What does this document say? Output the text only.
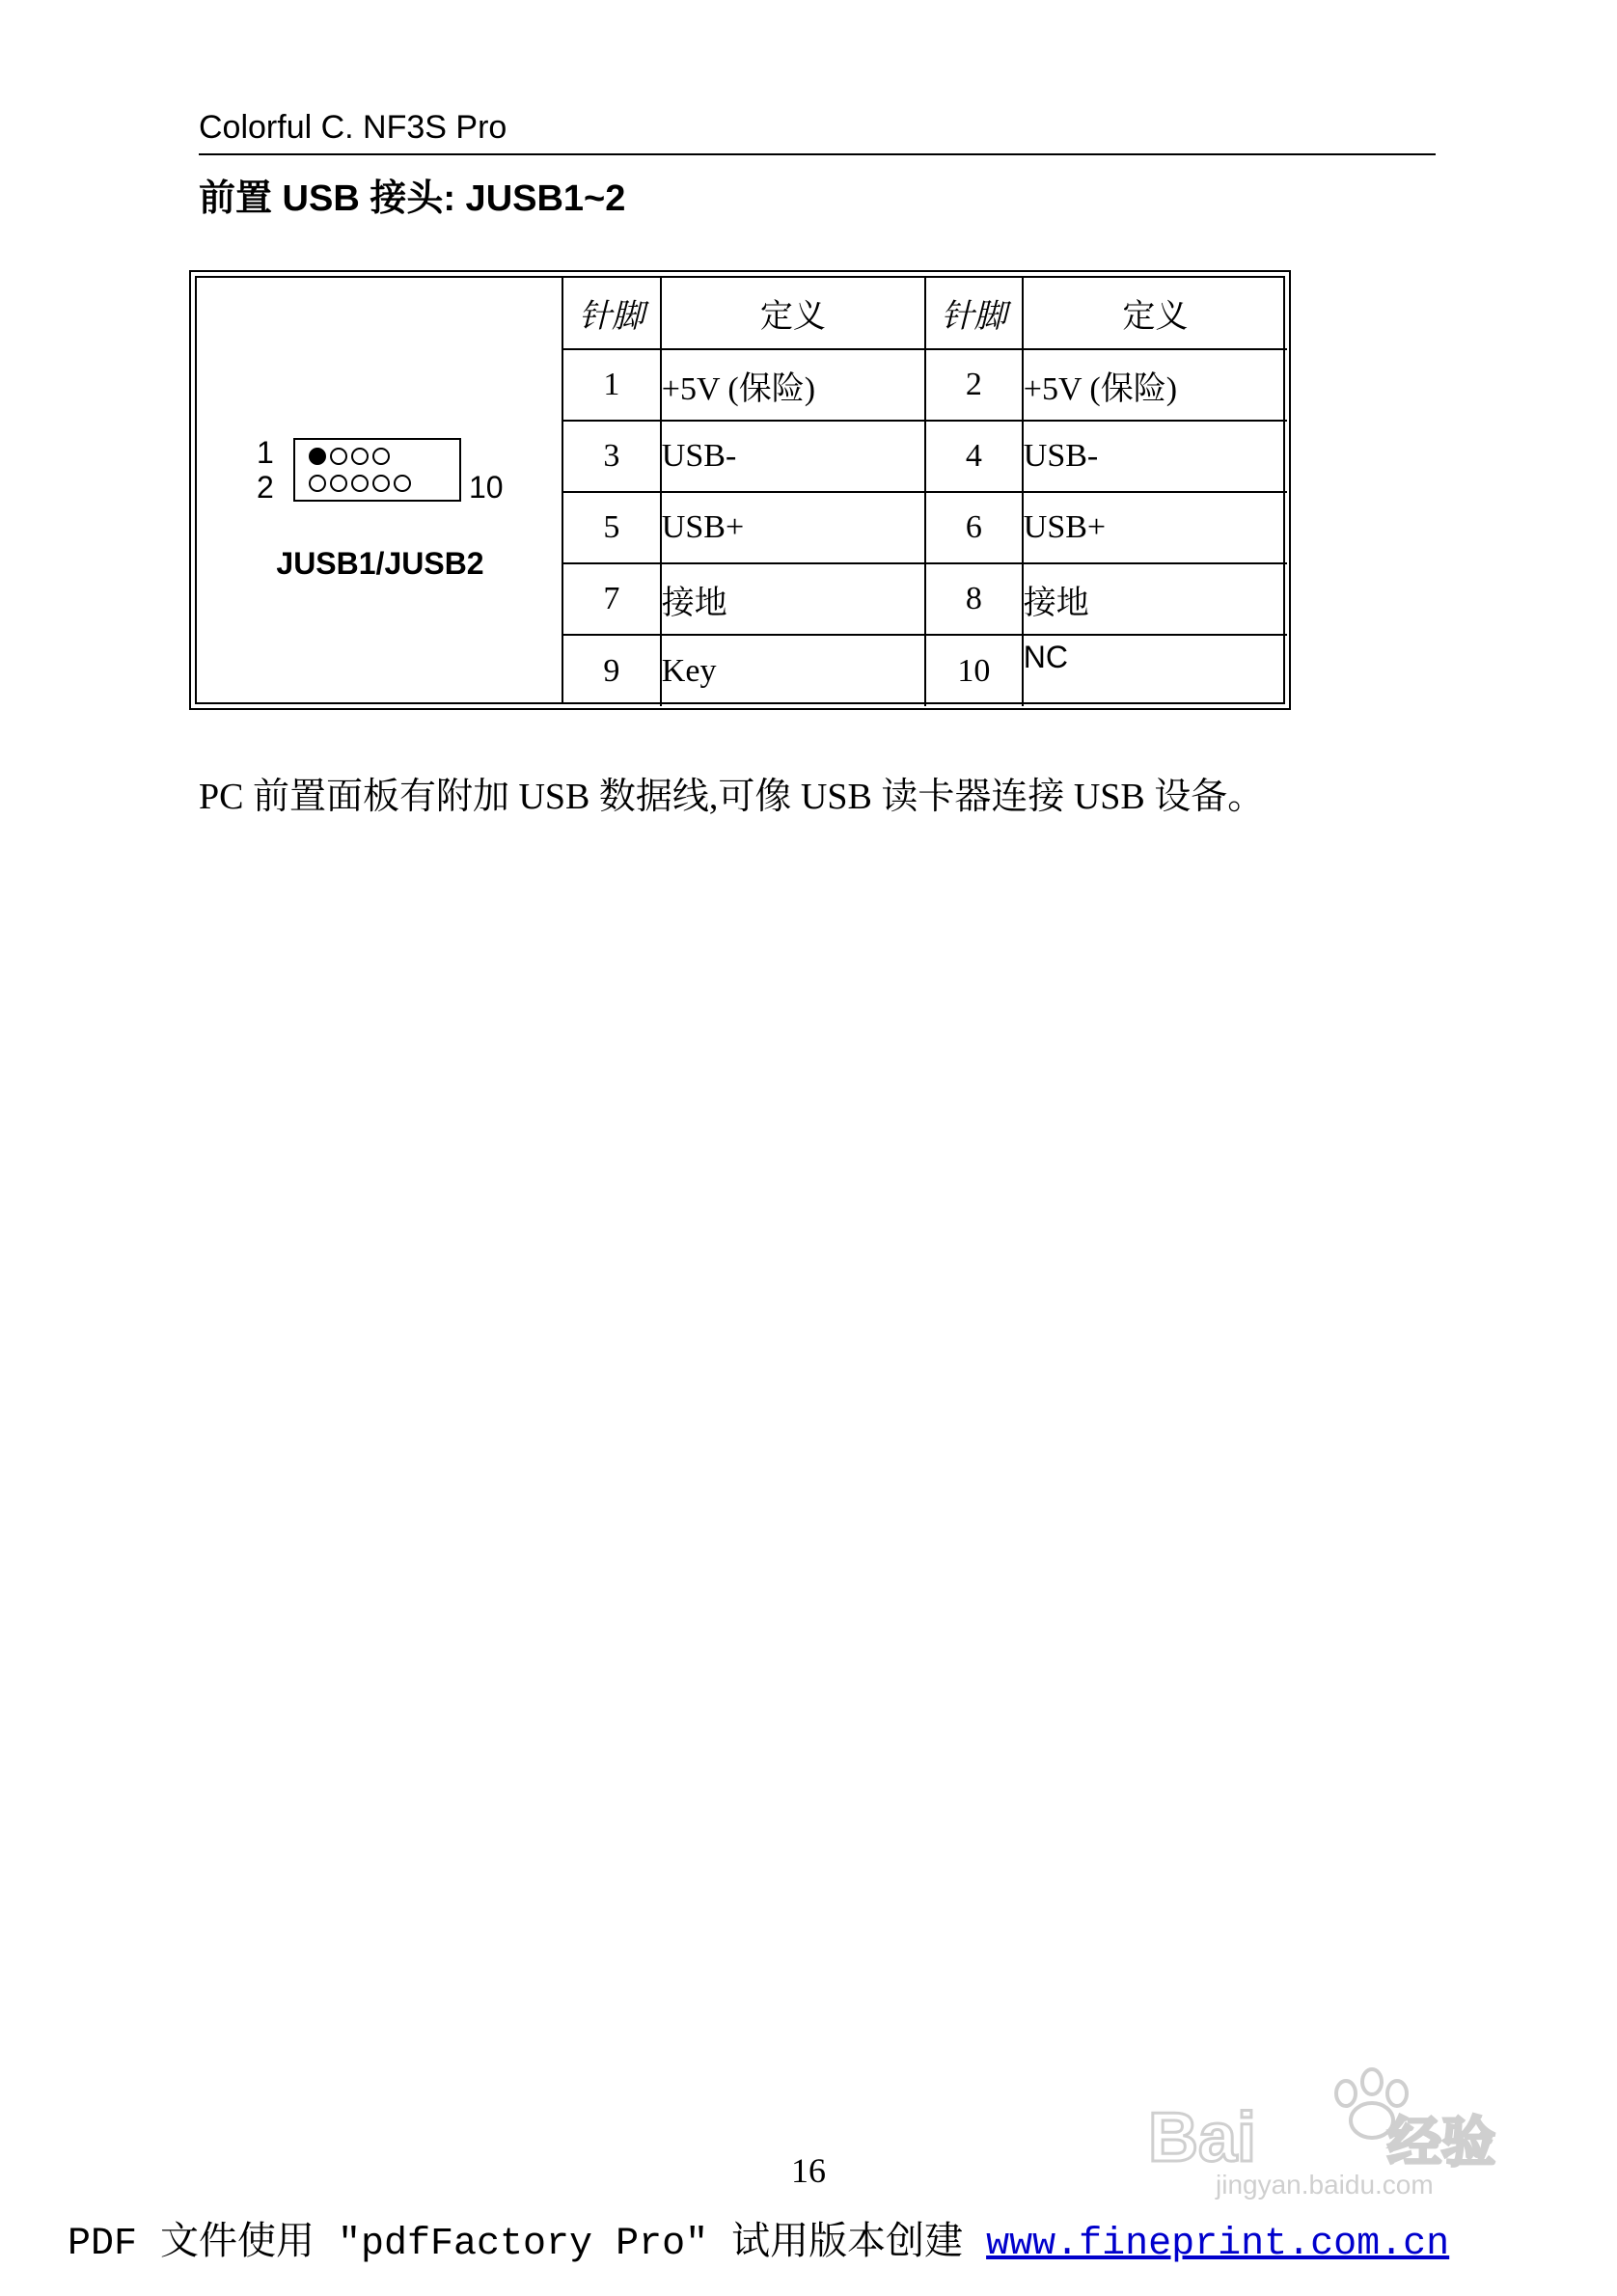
Colorful C. NF3S Pro
前置 USB 接头: JUSB1~2
1
2	10
JUSB1/JUSB2
针脚	定义	针脚	定义
1	+5V (保险)	2	+5V (保险)
3	USB-	4	USB-
5	USB+	6	USB+
7	接地	8	接地
9	Key	10	NC
PC 前置面板有附加 USB 数据线,可像 USB 读卡器连接 USB 设备。
Bai 经验
jingyan.baidu.com
16
PDF 文件使用 "pdfFactory Pro" 试用版本创建 www.fineprint.com.cn
